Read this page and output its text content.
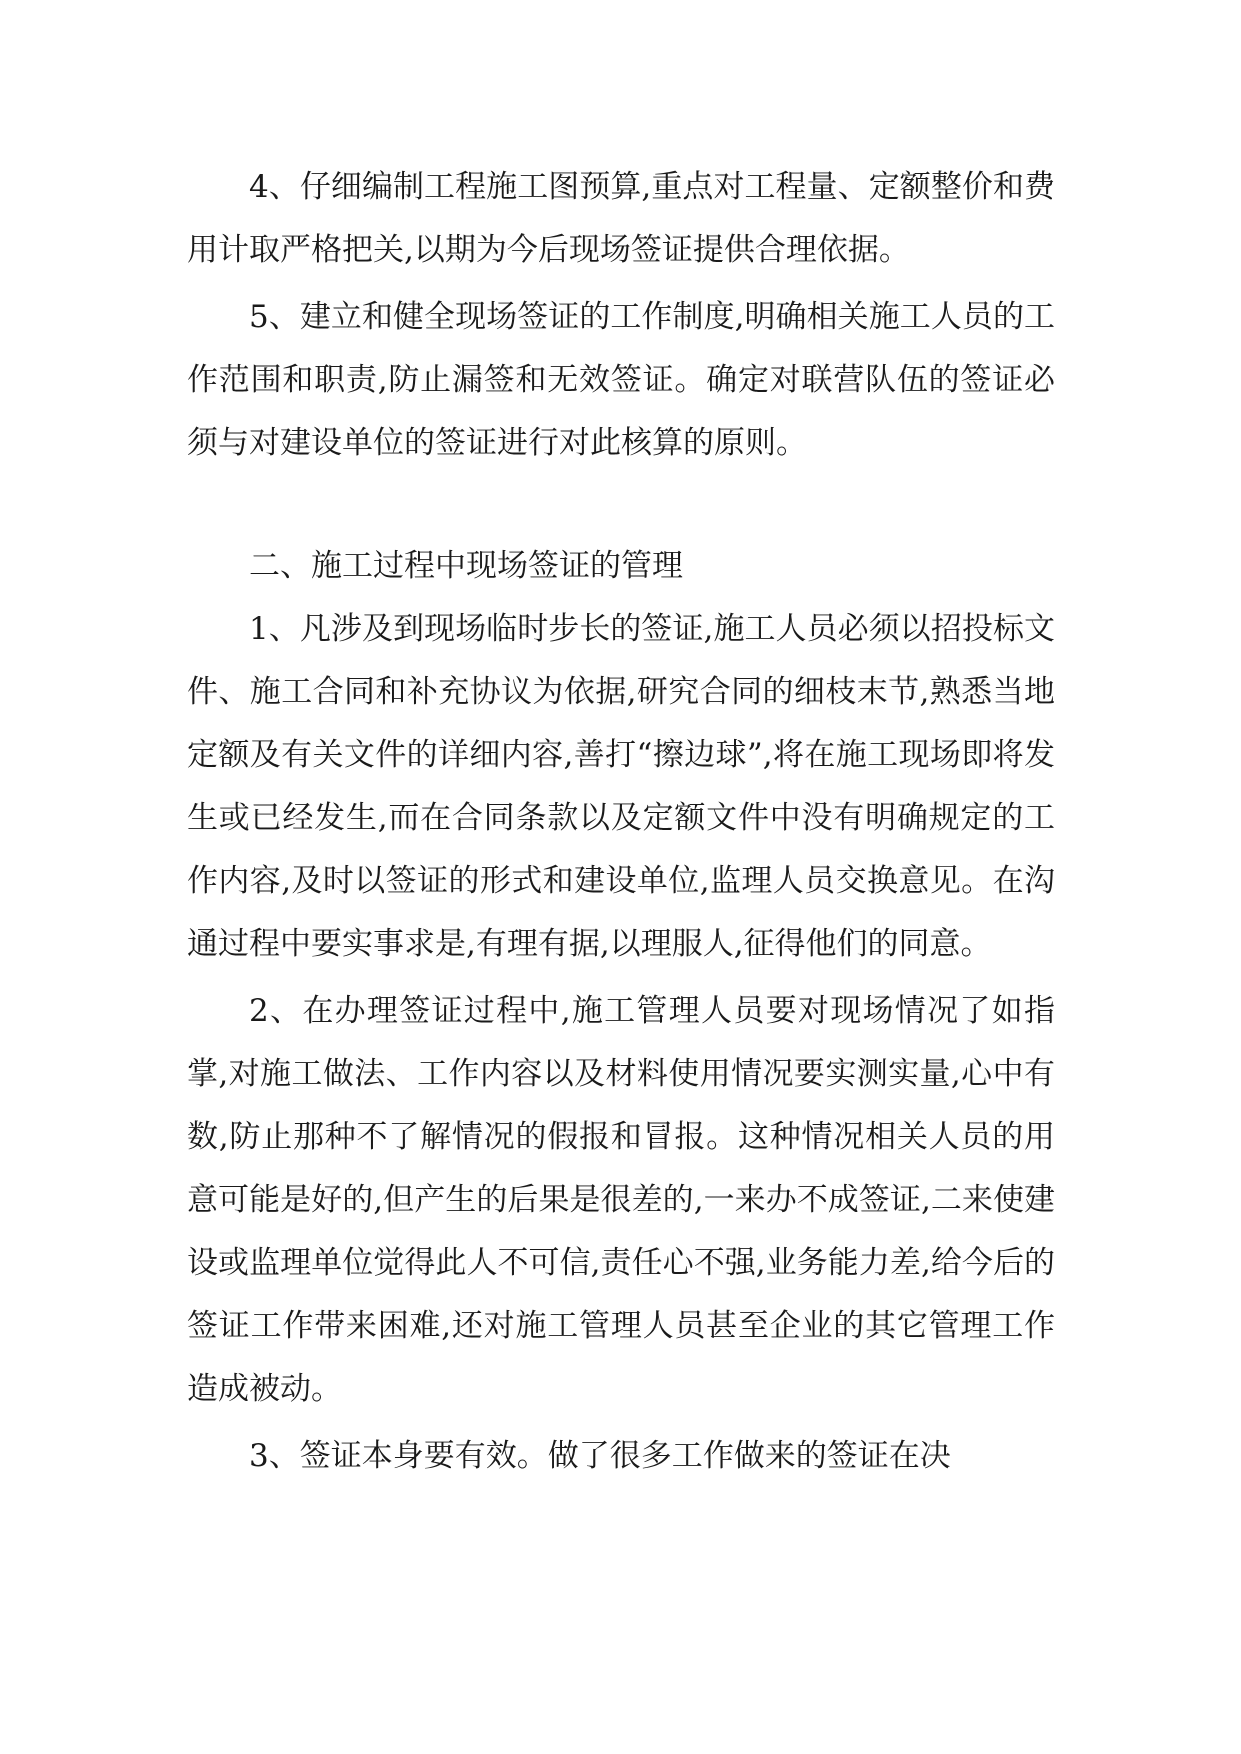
4、仔细编制工程施工图预算,重点对工程量、定额整价和费用计取严格把关,以期为今后现场签证提供合理依据。

5、建立和健全现场签证的工作制度,明确相关施工人员的工作范围和职责,防止漏签和无效签证。确定对联营队伍的签证必须与对建设单位的签证进行对此核算的原则。

二、施工过程中现场签证的管理

1、凡涉及到现场临时步长的签证,施工人员必须以招投标文件、施工合同和补充协议为依据,研究合同的细枝末节,熟悉当地定额及有关文件的详细内容,善打“擦边球”,将在施工现场即将发生或已经发生,而在合同条款以及定额文件中没有明确规定的工作内容,及时以签证的形式和建设单位,监理人员交换意见。在沟通过程中要实事求是,有理有据,以理服人,征得他们的同意。

2、在办理签证过程中,施工管理人员要对现场情况了如指掌,对施工做法、工作内容以及材料使用情况要实测实量,心中有数,防止那种不了解情况的假报和冒报。这种情况相关人员的用意可能是好的,但产生的后果是很差的,一来办不成签证,二来使建设或监理单位觉得此人不可信,责任心不强,业务能力差,给今后的签证工作带来困难,还对施工管理人员甚至企业的其它管理工作造成被动。

3、签证本身要有效。做了很多工作做来的签证在决
